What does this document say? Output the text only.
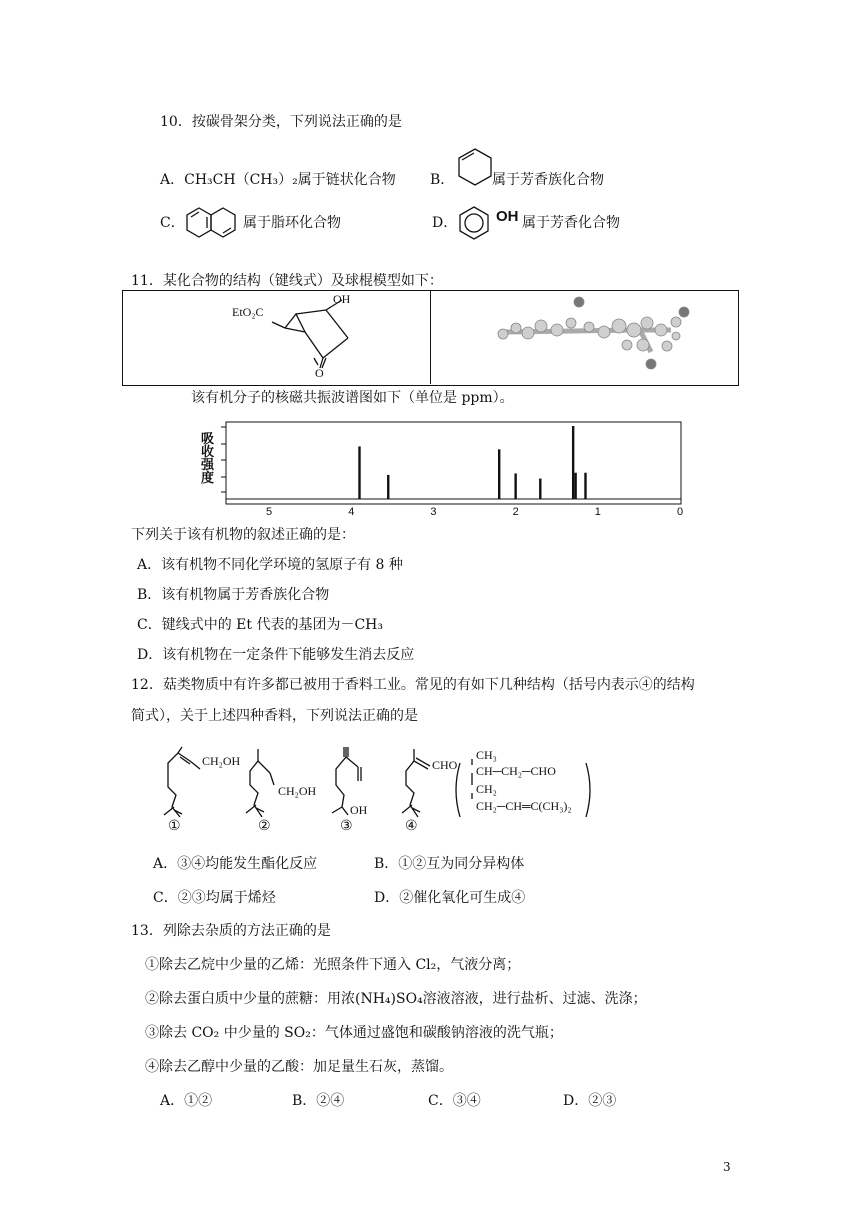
10．按碳骨架分类，下列说法正确的是
A．CH₃CH（CH₃）₂属于链状化合物 B．	属于芳香族化合物
C．	属于脂环化合物	D．	OH 属于芳香化合物
11．某化合物的结构（键线式）及球棍模型如下：
EtO₂C
OH
O
该有机分子的核磁共振波谱图如下（单位是 ppm）。
吸
收
强
度
5	4	3	2	1	0
下列关于该有机物的叙述正确的是：
A．该有机物不同化学环境的氢原子有 8 种
B．该有机物属于芳香族化合物
C．键线式中的 Et 代表的基团为－CH₃
D．该有机物在一定条件下能够发生消去反应
12．菇类物质中有许多都已被用于香料工业。常见的有如下几种结构（括号内表示④的结构
简式），关于上述四种香料，下列说法正确的是
CH₂OH
CH₂OH
OH
CHO
CH₃
CH─CH₂─CHO
CH₂
CH₂─CH═C(CH₃)₂
①	②	③	④
A．③④均能发生酯化反应	B．①②互为同分异构体
C．②③均属于烯烃	D．②催化氧化可生成④
13．列除去杂质的方法正确的是
①除去乙烷中少量的乙烯：光照条件下通入 Cl₂，气液分离；
②除去蛋白质中少量的蔗糖：用浓(NH₄)SO₄溶液溶液，进行盐析、过滤、洗涤；
③除去 CO₂ 中少量的 SO₂：气体通过盛饱和碳酸钠溶液的洗气瓶；
④除去乙醇中少量的乙酸：加足量生石灰，蒸馏。
A．①②	B．②④	C．③④	D．②③
3
